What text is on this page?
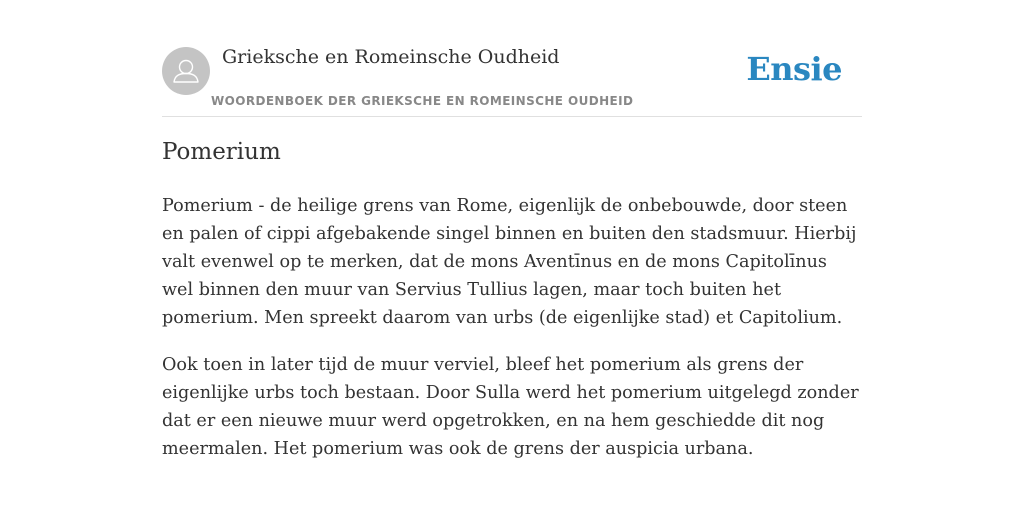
Grieksche en Romeinsche Oudheid
WOORDENBOEK DER GRIEKSCHE EN ROMEINSCHE OUDHEID
Ensie
Pomerium

Pomerium - de heilige grens van Rome, eigenlijk de onbebouwde, door steen en palen of cippi afgebakende singel binnen en buiten den stadsmuur. Hierbij valt evenwel op te merken, dat de mons Aventīnus en de mons Capitolīnus wel binnen den muur van Servius Tullius lagen, maar toch buiten het pomerium. Men spreekt daarom van urbs (de eigenlijke stad) et Capitolium.

Ook toen in later tijd de muur verviel, bleef het pomerium als grens der eigenlijke urbs toch bestaan. Door Sulla werd het pomerium uitgelegd zonder dat er een nieuwe muur werd opgetrokken, en na hem geschiedde dit nog meermalen. Het pomerium was ook de grens der auspicia urbana.
